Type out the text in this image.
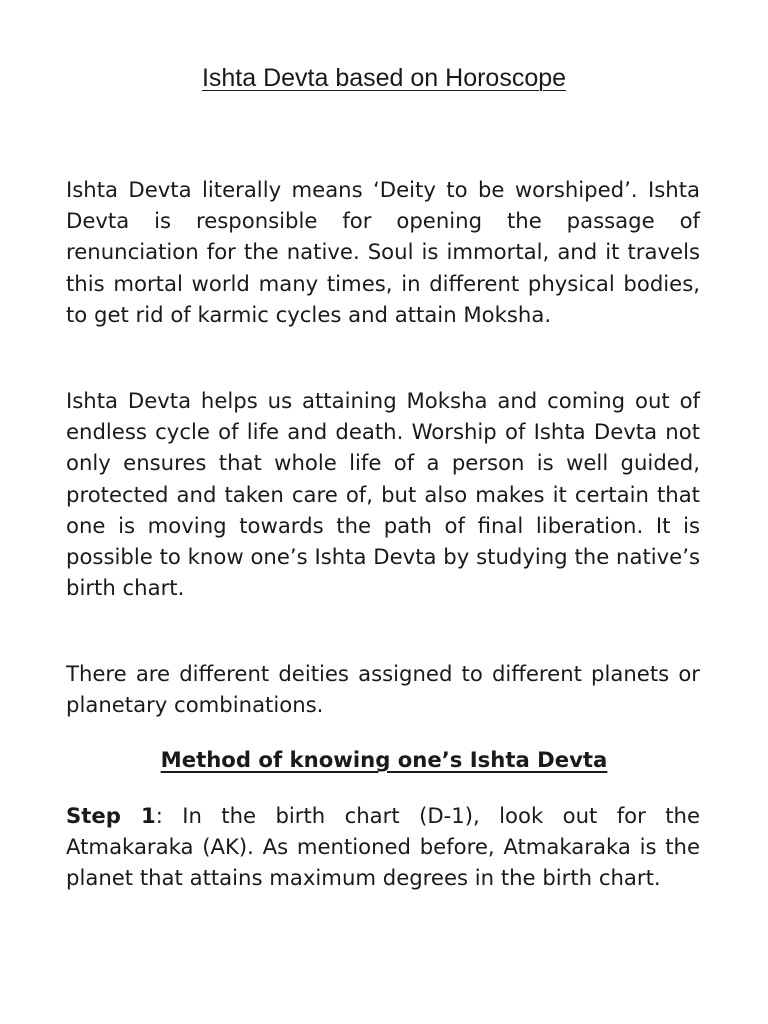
Ishta Devta based on Horoscope

Ishta Devta literally means ‘Deity to be worshiped’. Ishta Devta is responsible for opening the passage of renunciation for the native. Soul is immortal, and it travels this mortal world many times, in different physical bodies, to get rid of karmic cycles and attain Moksha.

Ishta Devta helps us attaining Moksha and coming out of endless cycle of life and death. Worship of Ishta Devta not only ensures that whole life of a person is well guided, protected and taken care of, but also makes it certain that one is moving towards the path of final liberation. It is possible to know one’s Ishta Devta by studying the native’s birth chart.

There are different deities assigned to different planets or planetary combinations.

Method of knowing one’s Ishta Devta

Step 1: In the birth chart (D-1), look out for the Atmakaraka (AK). As mentioned before, Atmakaraka is the planet that attains maximum degrees in the birth chart.
